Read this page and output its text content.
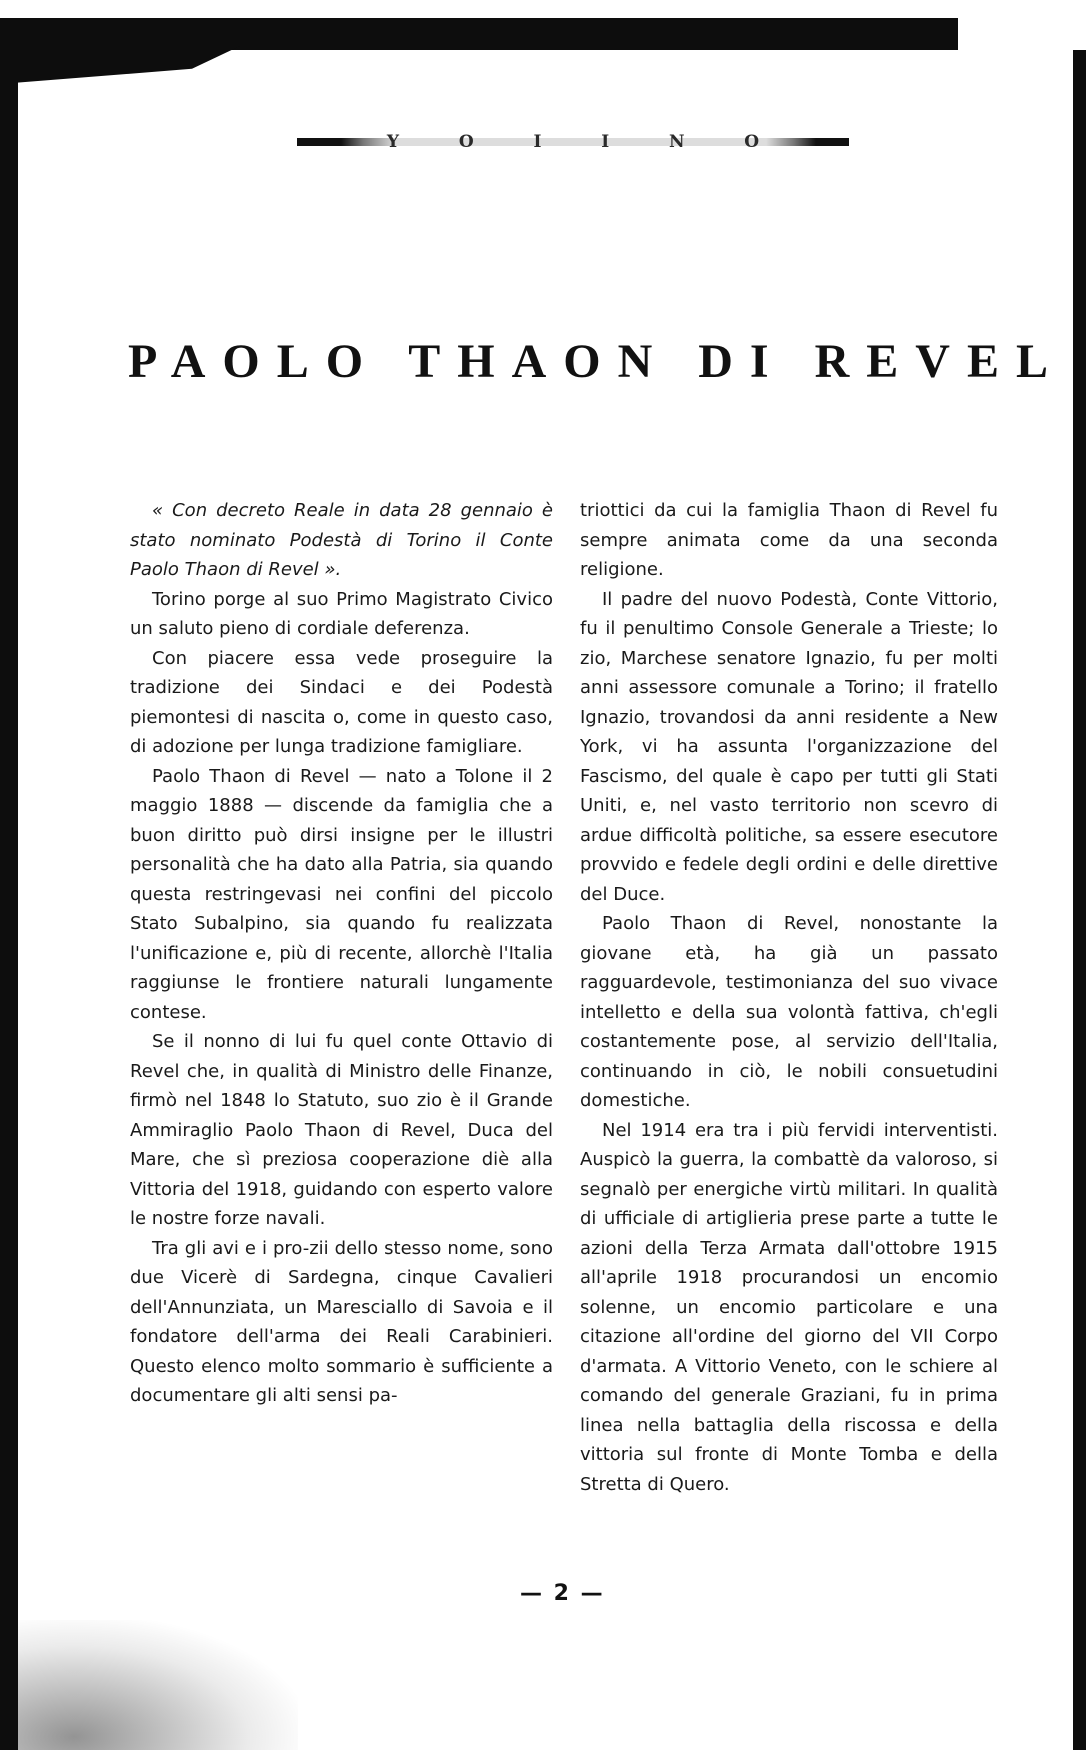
Y	O	I	I	N	O
PAOLO THAON DI REVEL

« Con decreto Reale in data 28 gennaio è stato nominato Podestà di Torino il Conte Paolo Thaon di Revel ».

Torino porge al suo Primo Magistrato Civico un saluto pieno di cordiale deferenza.

Con piacere essa vede proseguire la tradizione dei Sindaci e dei Podestà piemontesi di nascita o, come in questo caso, di adozione per lunga tradizione famigliare.

Paolo Thaon di Revel — nato a Tolone il 2 maggio 1888 — discende da famiglia che a buon diritto può dirsi insigne per le illustri personalità che ha dato alla Patria, sia quando questa restringevasi nei confini del piccolo Stato Subalpino, sia quando fu realizzata l'unificazione e, più di recente, allorchè l'Italia raggiunse le frontiere naturali lungamente contese.

Se il nonno di lui fu quel conte Ottavio di Revel che, in qualità di Ministro delle Finanze, firmò nel 1848 lo Statuto, suo zio è il Grande Ammiraglio Paolo Thaon di Revel, Duca del Mare, che sì preziosa cooperazione diè alla Vittoria del 1918, guidando con esperto valore le nostre forze navali.

Tra gli avi e i pro-zii dello stesso nome, sono due Vicerè di Sardegna, cinque Cavalieri dell'Annunziata, un Maresciallo di Savoia e il fondatore dell'arma dei Reali Carabinieri. Questo elenco molto sommario è sufficiente a documentare gli alti sensi pa-

triottici da cui la famiglia Thaon di Revel fu sempre animata come da una seconda religione.

Il padre del nuovo Podestà, Conte Vittorio, fu il penultimo Console Generale a Trieste; lo zio, Marchese senatore Ignazio, fu per molti anni assessore comunale a Torino; il fratello Ignazio, trovandosi da anni residente a New York, vi ha assunta l'organizzazione del Fascismo, del quale è capo per tutti gli Stati Uniti, e, nel vasto territorio non scevro di ardue difficoltà politiche, sa essere esecutore provvido e fedele degli ordini e delle direttive del Duce.

Paolo Thaon di Revel, nonostante la giovane età, ha già un passato ragguardevole, testimonianza del suo vivace intelletto e della sua volontà fattiva, ch'egli costantemente pose, al servizio dell'Italia, continuando in ciò, le nobili consuetudini domestiche.

Nel 1914 era tra i più fervidi interventisti. Auspicò la guerra, la combattè da valoroso, si segnalò per energiche virtù militari. In qualità di ufficiale di artiglieria prese parte a tutte le azioni della Terza Armata dall'ottobre 1915 all'aprile 1918 procurandosi un encomio solenne, un encomio particolare e una citazione all'ordine del giorno del VII Corpo d'armata. A Vittorio Veneto, con le schiere al comando del generale Graziani, fu in prima linea nella battaglia della riscossa e della vittoria sul fronte di Monte Tomba e della Stretta di Quero.

— 2 —
